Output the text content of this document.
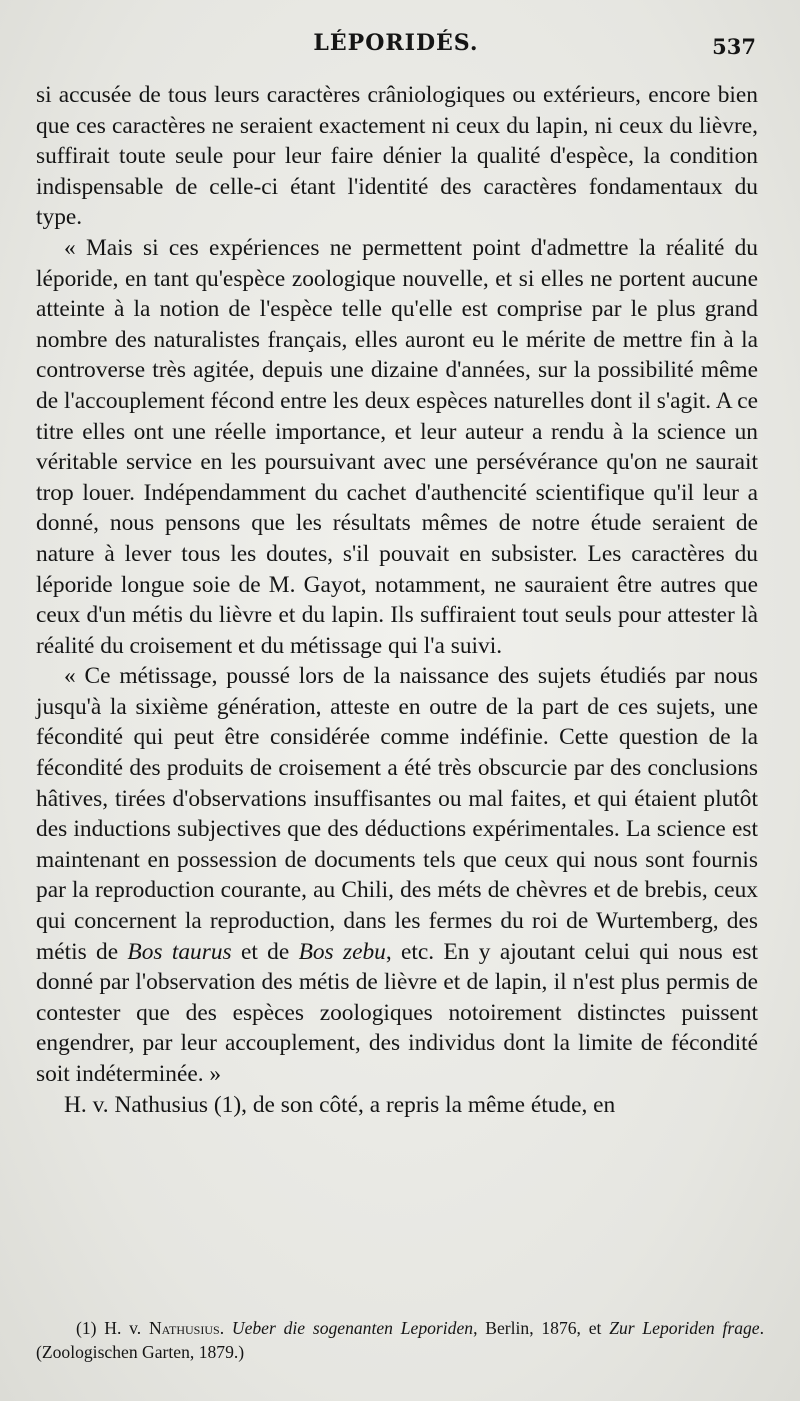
LÉPORIDÉS.	537

si accusée de tous leurs caractères crâniologiques ou extérieurs, encore bien que ces caractères ne seraient exactement ni ceux du lapin, ni ceux du lièvre, suffirait toute seule pour leur faire dénier la qualité d'espèce, la condition indispensable de celle-ci étant l'identité des caractères fondamentaux du type.

« Mais si ces expériences ne permettent point d'admettre la réalité du léporide, en tant qu'espèce zoologique nouvelle, et si elles ne portent aucune atteinte à la notion de l'espèce telle qu'elle est comprise par le plus grand nombre des naturalistes français, elles auront eu le mérite de mettre fin à la controverse très agitée, depuis une dizaine d'années, sur la possibilité même de l'accouplement fécond entre les deux espèces naturelles dont il s'agit. A ce titre elles ont une réelle importance, et leur auteur a rendu à la science un véritable service en les poursuivant avec une persévérance qu'on ne saurait trop louer. Indépendamment du cachet d'authencité scientifique qu'il leur a donné, nous pensons que les résultats mêmes de notre étude seraient de nature à lever tous les doutes, s'il pouvait en subsister. Les caractères du léporide longue soie de M. Gayot, notamment, ne sauraient être autres que ceux d'un métis du lièvre et du lapin. Ils suffiraient tout seuls pour attester là réalité du croisement et du métissage qui l'a suivi.

« Ce métissage, poussé lors de la naissance des sujets étudiés par nous jusqu'à la sixième génération, atteste en outre de la part de ces sujets, une fécondité qui peut être considérée comme indéfinie. Cette question de la fécondité des produits de croisement a été très obscurcie par des conclusions hâtives, tirées d'observations insuffisantes ou mal faites, et qui étaient plutôt des inductions subjectives que des déductions expérimentales. La science est maintenant en possession de documents tels que ceux qui nous sont fournis par la reproduction courante, au Chili, des méts de chèvres et de brebis, ceux qui concernent la reproduction, dans les fermes du roi de Wurtemberg, des métis de Bos taurus et de Bos zebu, etc. En y ajoutant celui qui nous est donné par l'observation des métis de lièvre et de lapin, il n'est plus permis de contester que des espèces zoologiques notoirement distinctes puissent engendrer, par leur accouplement, des individus dont la limite de fécondité soit indéterminée. »

H. v. Nathusius (1), de son côté, a repris la même étude, en

(1) H. v. Nathusius. Ueber die sogenanten Leporiden, Berlin, 1876, et Zur Leporiden frage. (Zoologischen Garten, 1879.)
